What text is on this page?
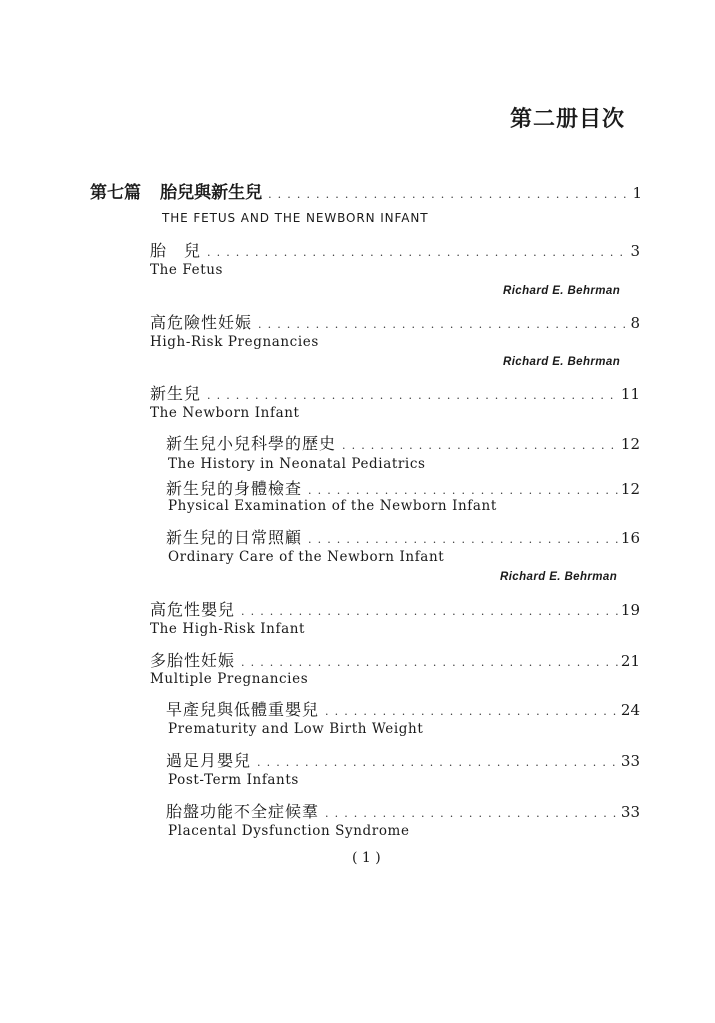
第二册目次
第七篇 胎兒與新生兒 . . .	1
THE FETUS AND THE NEWBORN INFANT
胎　兒 . . .	3
The Fetus
Richard E. Behrman
高危險性妊娠 . . .	8
High-Risk Pregnancies
Richard E. Behrman
新生兒 . . .	11
The Newborn Infant
新生兒小兒科學的歷史 . . .	12
The History in Neonatal Pediatrics
新生兒的身體檢查 . . .	12
Physical Examination of the Newborn Infant
新生兒的日常照顧 . . .	16
Ordinary Care of the Newborn Infant
Richard E. Behrman
高危性嬰兒 . . .	19
The High-Risk Infant
多胎性妊娠 . . .	21
Multiple Pregnancies
早產兒與低體重嬰兒 . . .	24
Prematurity and Low Birth Weight
過足月嬰兒 . . .	33
Post-Term Infants
胎盤功能不全症候羣 . . .	33
Placental Dysfunction Syndrome
( 1 )
